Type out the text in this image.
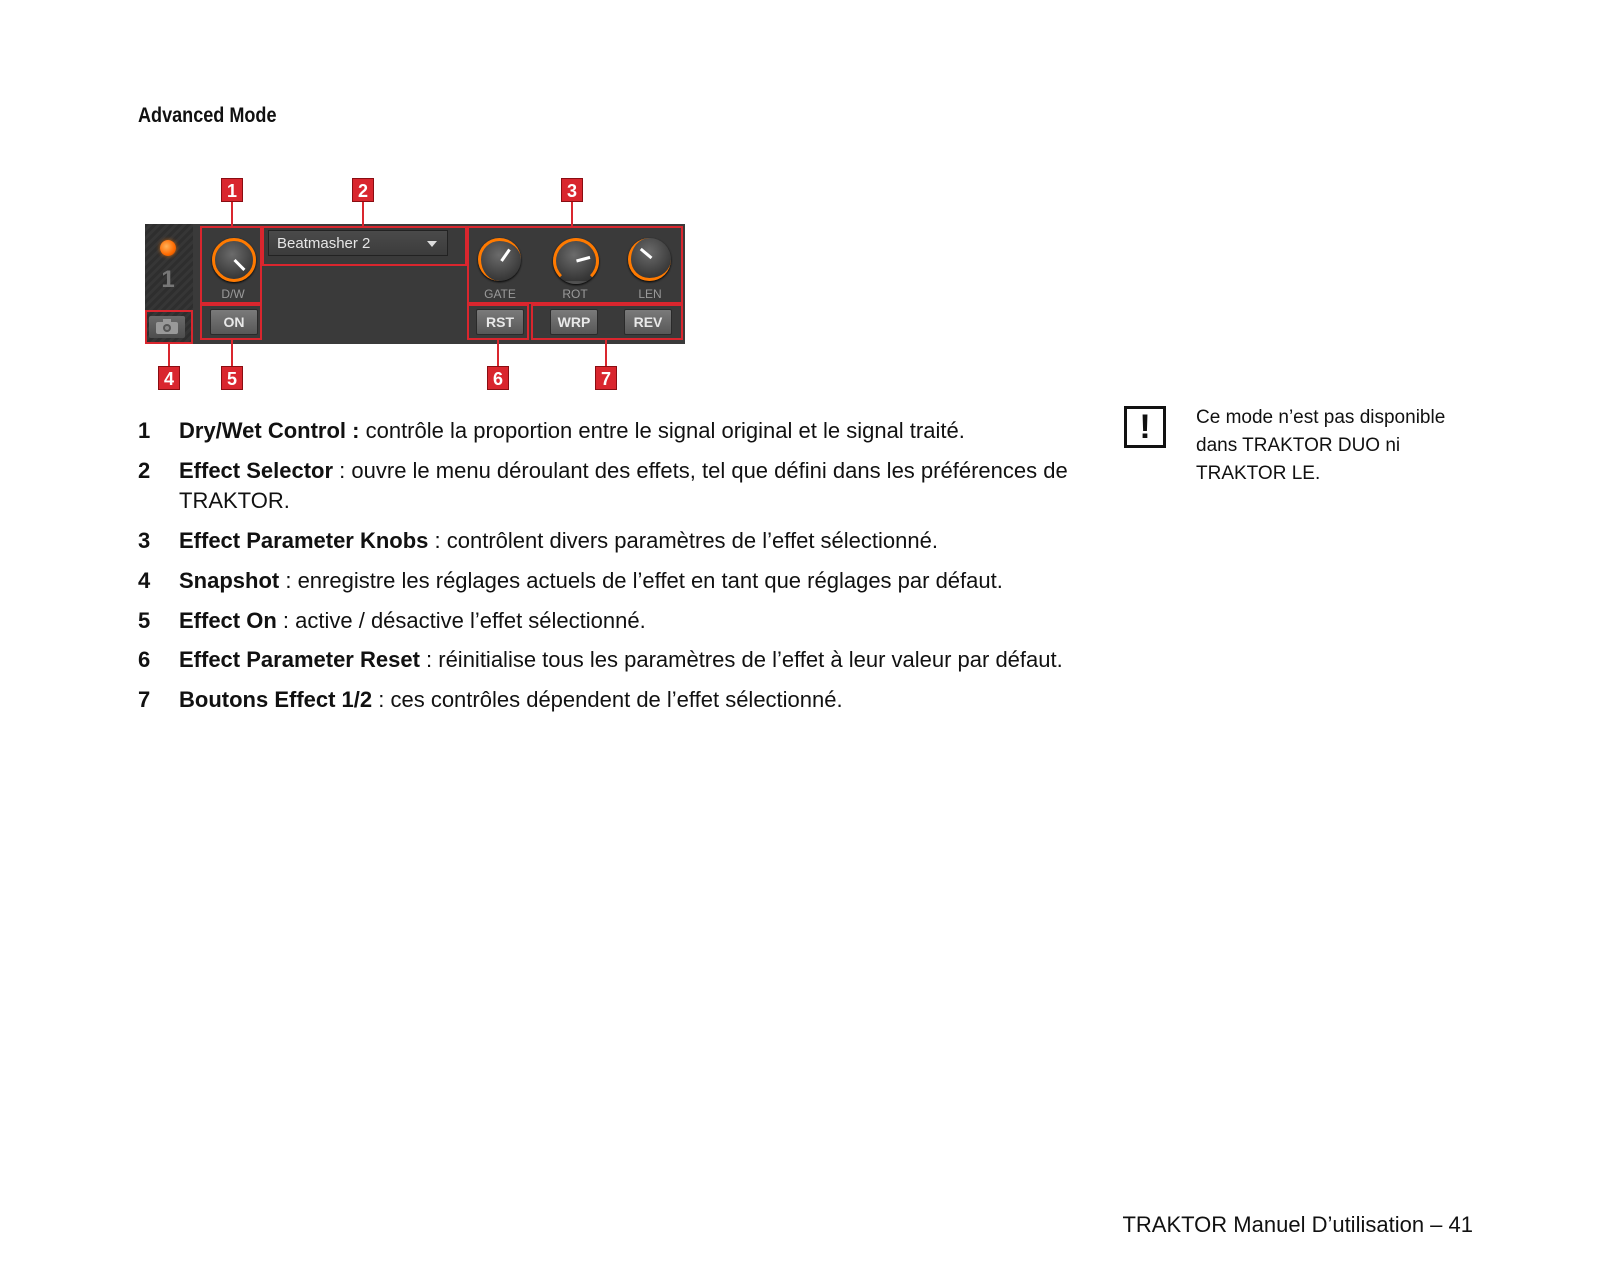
Advanced Mode
1
D/W
ON
Beatmasher 2
GATE	ROT	LEN
RST	WRP	REV
1	2	3
4	5	6	7
1 Dry/Wet Control : contrôle la proportion entre le signal original et le signal traité.
2 Effect Selector : ouvre le menu déroulant des effets, tel que défini dans les préférences de TRAKTOR.
3 Effect Parameter Knobs : contrôlent divers paramètres de l’effet sélectionné.
4 Snapshot : enregistre les réglages actuels de l’effet en tant que réglages par défaut.
5 Effect On : active / désactive l’effet sélectionné.
6 Effect Parameter Reset : réinitialise tous les paramètres de l’effet à leur valeur par défaut.
7 Boutons Effect 1/2 : ces contrôles dépendent de l’effet sélectionné.
!	Ce mode n’est pas disponible dans TRAKTOR DUO ni TRAKTOR LE.
TRAKTOR Manuel D’utilisation – 41
